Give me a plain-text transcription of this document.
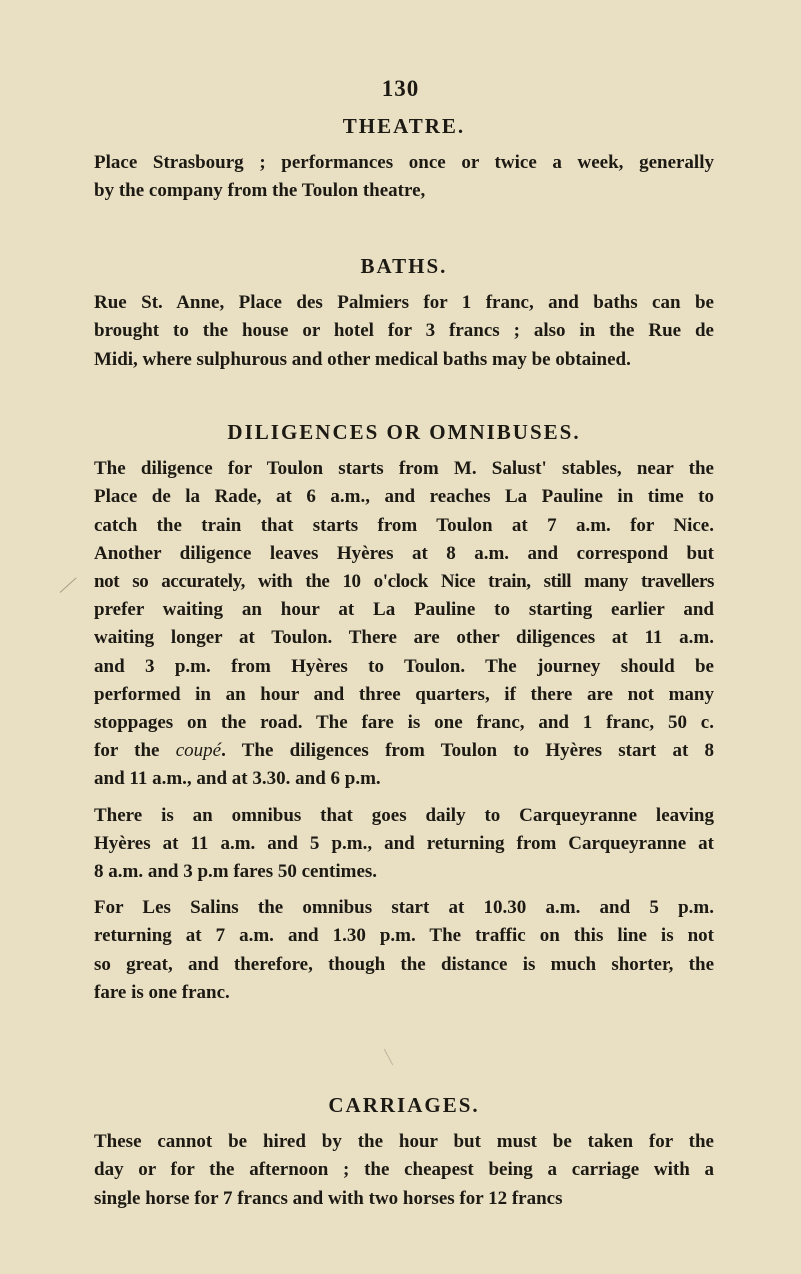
130
THEATRE.
Place Strasbourg ; performances once or twice a week, generally
by the company from the Toulon theatre,
BATHS.
Rue St. Anne, Place des Palmiers for 1 franc, and baths can be
brought to the house or hotel for 3 francs ; also in the Rue de
Midi, where sulphurous and other medical baths may be obtained.
DILIGENCES OR OMNIBUSES.
The diligence for Toulon starts from M. Salust' stables, near the
Place de la Rade, at 6 a.m., and reaches La Pauline in time to
catch the train that starts from Toulon at 7 a.m. for Nice.
Another diligence leaves Hyères at 8 a.m. and correspond but
not so accurately, with the 10 o'clock Nice train, still many travellers
prefer waiting an hour at La Pauline to starting earlier and
waiting longer at Toulon. There are other diligences at 11 a.m.
and 3 p.m. from Hyères to Toulon. The journey should be
performed in an hour and three quarters, if there are not many
stoppages on the road. The fare is one franc, and 1 franc, 50 c.
for the coupé. The diligences from Toulon to Hyères start at 8
and 11 a.m., and at 3.30. and 6 p.m.
There is an omnibus that goes daily to Carqueyranne leaving
Hyères at 11 a.m. and 5 p.m., and returning from Carqueyranne at
8 a.m. and 3 p.m fares 50 centimes.
For Les Salins the omnibus start at 10.30 a.m. and 5 p.m.
returning at 7 a.m. and 1.30 p.m. The traffic on this line is not
so great, and therefore, though the distance is much shorter, the
fare is one franc.
CARRIAGES.
These cannot be hired by the hour but must be taken for the
day or for the afternoon ; the cheapest being a carriage with a
single horse for 7 francs and with two horses for 12 francs
